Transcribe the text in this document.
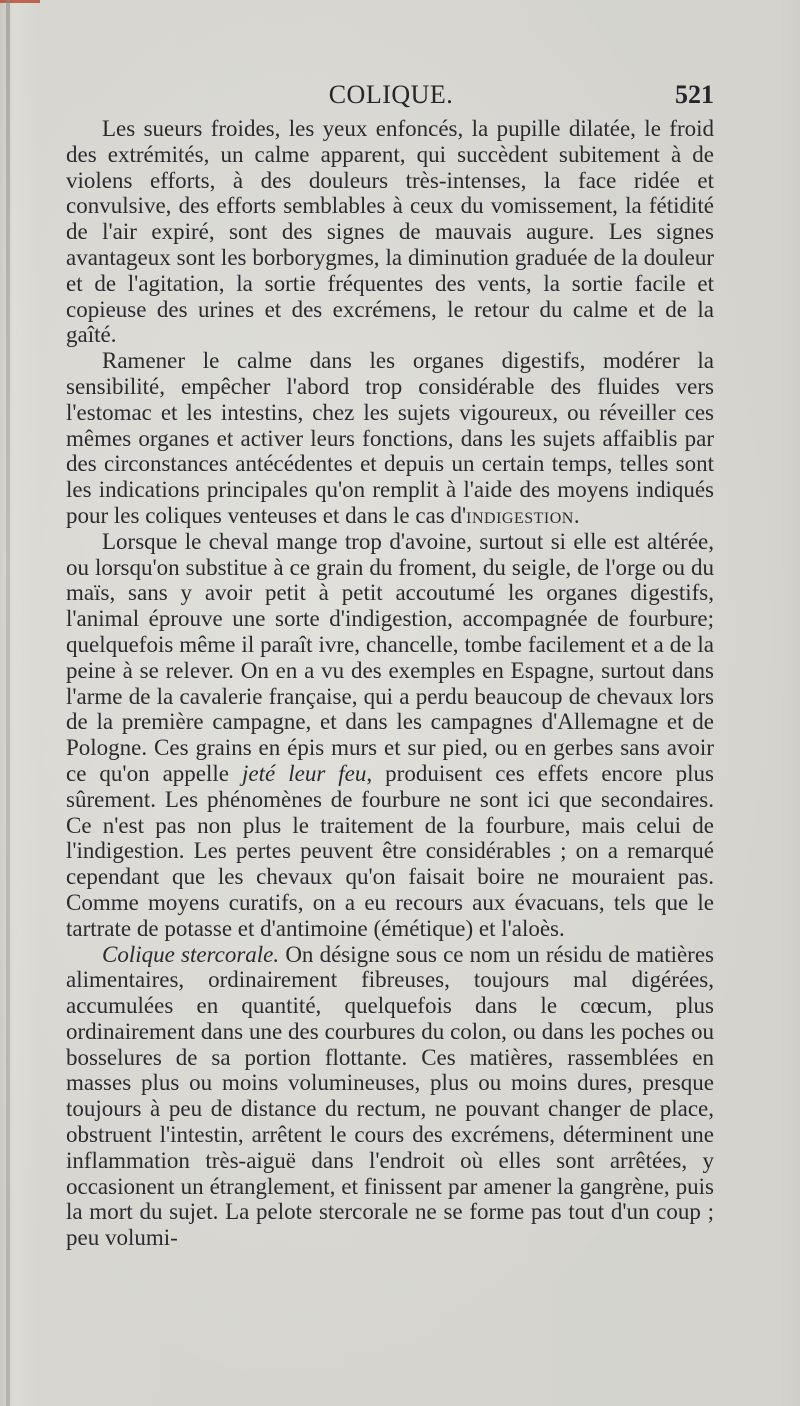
COLIQUE.	521

Les sueurs froides, les yeux enfoncés, la pupille dilatée, le froid des extrémités, un calme apparent, qui succèdent subitement à de violens efforts, à des douleurs très-intenses, la face ridée et convulsive, des efforts semblables à ceux du vomissement, la fétidité de l'air expiré, sont des signes de mauvais augure. Les signes avantageux sont les borborygmes, la diminution graduée de la douleur et de l'agitation, la sortie fréquentes des vents, la sortie facile et copieuse des urines et des excrémens, le retour du calme et de la gaîté.

Ramener le calme dans les organes digestifs, modérer la sensibilité, empêcher l'abord trop considérable des fluides vers l'estomac et les intestins, chez les sujets vigoureux, ou réveiller ces mêmes organes et activer leurs fonctions, dans les sujets affaiblis par des circonstances antécédentes et depuis un certain temps, telles sont les indications principales qu'on remplit à l'aide des moyens indiqués pour les coliques venteuses et dans le cas d'indigestion.

Lorsque le cheval mange trop d'avoine, surtout si elle est altérée, ou lorsqu'on substitue à ce grain du froment, du seigle, de l'orge ou du maïs, sans y avoir petit à petit accoutumé les organes digestifs, l'animal éprouve une sorte d'indigestion, accompagnée de fourbure; quelquefois même il paraît ivre, chancelle, tombe facilement et a de la peine à se relever. On en a vu des exemples en Espagne, surtout dans l'arme de la cavalerie française, qui a perdu beaucoup de chevaux lors de la première campagne, et dans les campagnes d'Allemagne et de Pologne. Ces grains en épis murs et sur pied, ou en gerbes sans avoir ce qu'on appelle jeté leur feu, produisent ces effets encore plus sûrement. Les phénomènes de fourbure ne sont ici que secondaires. Ce n'est pas non plus le traitement de la fourbure, mais celui de l'indigestion. Les pertes peuvent être considérables ; on a remarqué cependant que les chevaux qu'on faisait boire ne mouraient pas. Comme moyens curatifs, on a eu recours aux évacuans, tels que le tartrate de potasse et d'antimoine (émétique) et l'aloès.

Colique stercorale. On désigne sous ce nom un résidu de matières alimentaires, ordinairement fibreuses, toujours mal digérées, accumulées en quantité, quelquefois dans le cœcum, plus ordinairement dans une des courbures du colon, ou dans les poches ou bosselures de sa portion flottante. Ces matières, rassemblées en masses plus ou moins volumineuses, plus ou moins dures, presque toujours à peu de distance du rectum, ne pouvant changer de place, obstruent l'intestin, arrêtent le cours des excrémens, déterminent une inflammation très-aiguë dans l'endroit où elles sont arrêtées, y occasionent un étranglement, et finissent par amener la gangrène, puis la mort du sujet. La pelote stercorale ne se forme pas tout d'un coup ; peu volumi-
